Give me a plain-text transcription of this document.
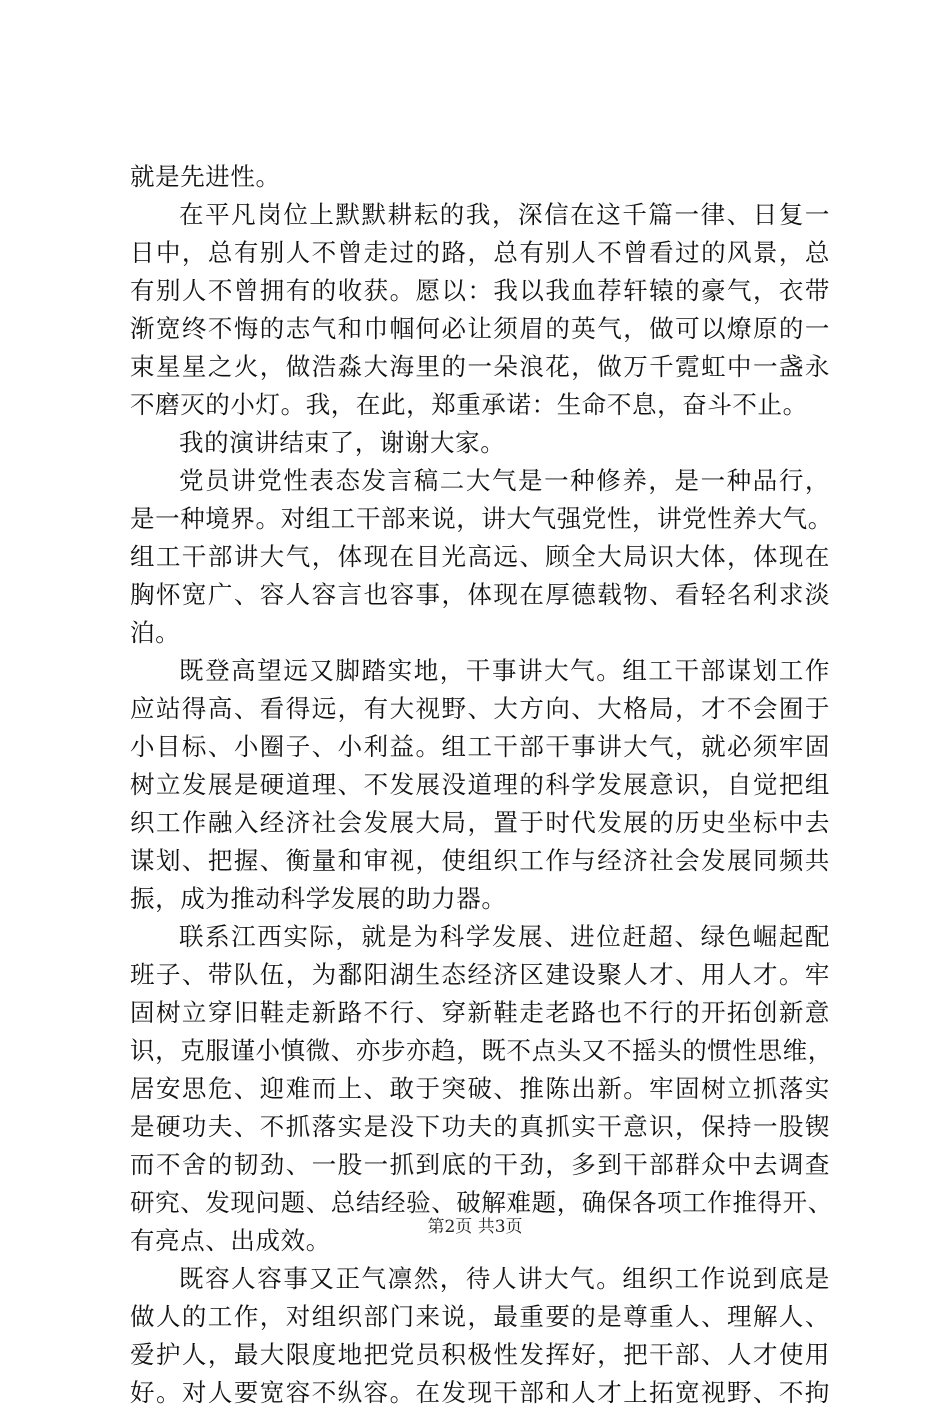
就是先进性。
在平凡岗位上默默耕耘的我，深信在这千篇一律、日复一
日中，总有别人不曾走过的路，总有别人不曾看过的风景，总
有别人不曾拥有的收获。愿以：我以我血荐轩辕的豪气，衣带
渐宽终不悔的志气和巾帼何必让须眉的英气，做可以燎原的一
束星星之火，做浩淼大海里的一朵浪花，做万千霓虹中一盏永
不磨灭的小灯。我，在此，郑重承诺：生命不息，奋斗不止。
我的演讲结束了，谢谢大家。
党员讲党性表态发言稿二大气是一种修养，是一种品行，
是一种境界。对组工干部来说，讲大气强党性，讲党性养大气。
组工干部讲大气，体现在目光高远、顾全大局识大体，体现在
胸怀宽广、容人容言也容事，体现在厚德载物、看轻名利求淡
泊。
既登高望远又脚踏实地，干事讲大气。组工干部谋划工作
应站得高、看得远，有大视野、大方向、大格局，才不会囿于
小目标、小圈子、小利益。组工干部干事讲大气，就必须牢固
树立发展是硬道理、不发展没道理的科学发展意识，自觉把组
织工作融入经济社会发展大局，置于时代发展的历史坐标中去
谋划、把握、衡量和审视，使组织工作与经济社会发展同频共
振，成为推动科学发展的助力器。
联系江西实际，就是为科学发展、进位赶超、绿色崛起配
班子、带队伍，为鄱阳湖生态经济区建设聚人才、用人才。牢
固树立穿旧鞋走新路不行、穿新鞋走老路也不行的开拓创新意
识，克服谨小慎微、亦步亦趋，既不点头又不摇头的惯性思维，
居安思危、迎难而上、敢于突破、推陈出新。牢固树立抓落实
是硬功夫、不抓落实是没下功夫的真抓实干意识，保持一股锲
而不舍的韧劲、一股一抓到底的干劲，多到干部群众中去调查
研究、发现问题、总结经验、破解难题，确保各项工作推得开、
有亮点、出成效。
既容人容事又正气凛然，待人讲大气。组织工作说到底是
做人的工作，对组织部门来说，最重要的是尊重人、理解人、
爱护人，最大限度地把党员积极性发挥好，把干部、人才使用
好。对人要宽容不纵容。在发现干部和人才上拓宽视野、不拘
第2页 共3页
